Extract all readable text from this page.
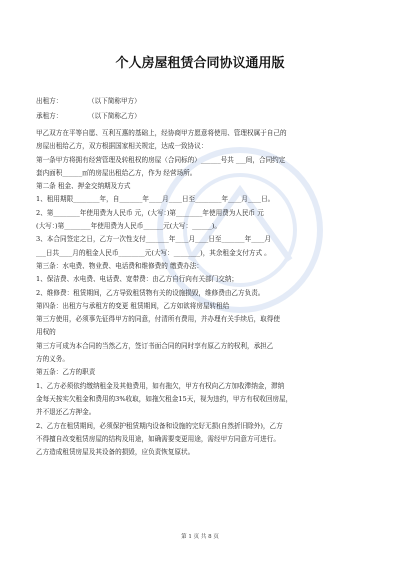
个人房屋租赁合同协议通用版
出租方：	（以下简称甲方）
承租方：	（以下简称乙方）

甲乙双方在平等自愿、互利互惠的基础上，经协商甲方愿意将使用、管理权属于自己的

房屋出租给乙方，双方根据国家相关规定，达成一致协议：

第一条甲方将拥有经营管理及转租权的房屋（合同标的）______号共 ___间，合同约定

套内面积______㎡的房屋出租给乙方，作为 经营场所。

第二条 租金、押金交纳期及方式

1、租用期限________年，自_______年____月____日至________年____月____日。

2、第________年使用费为人民币 元，(大写：)第________年使用费为人民币 元

(大写：)第________年使用费为人民币______元(大写：______)。

3、本合同签定之日，乙方一次性支付_______年____月____日至_______年____月

___日共____月的租金人民币________元(大写：________)，其余租金支付方式 。

第三条：水电费、物业费、电话费和维修费的 缴费办法：

1、保洁费、水电费、电话费、宽带费：由乙方自行向有关部门交纳；

2、维修费：租赁期间，乙方导致租赁物有关的设施损毁，维修费由乙方负责。

第四条：出租方与承租方的变更 租赁期间，乙方如欲将房屋转租给

第三方使用，必须事先征得甲方的同意，付清所有费用，并办理有关手续后，取得使

用权的

第三方可成为本合同的当然乙方，签订书面合同的同时享有原乙方的权利，承担乙

方的义务。

第五条：乙方的职责

1、乙方必须依约缴纳租金及其他费用，如有拖欠，甲方有权向乙方加收滞纳金，滞纳

金每天按实欠租金和费用的3%收取，如拖欠租金15天，视为违约，甲方有权收回房屋，

并不退还乙方押金。

2、乙方在租赁期间，必须保护租赁期内设备和设施的完好无损(自然折旧除外)，乙方

不得擅自改变租赁房屋的结构及用途，如确需要变更用途，需经甲方同意方可进行。

乙方造成租赁房屋及其设备的损毁，应负责恢复原状。

第 1 页 共 8 页
